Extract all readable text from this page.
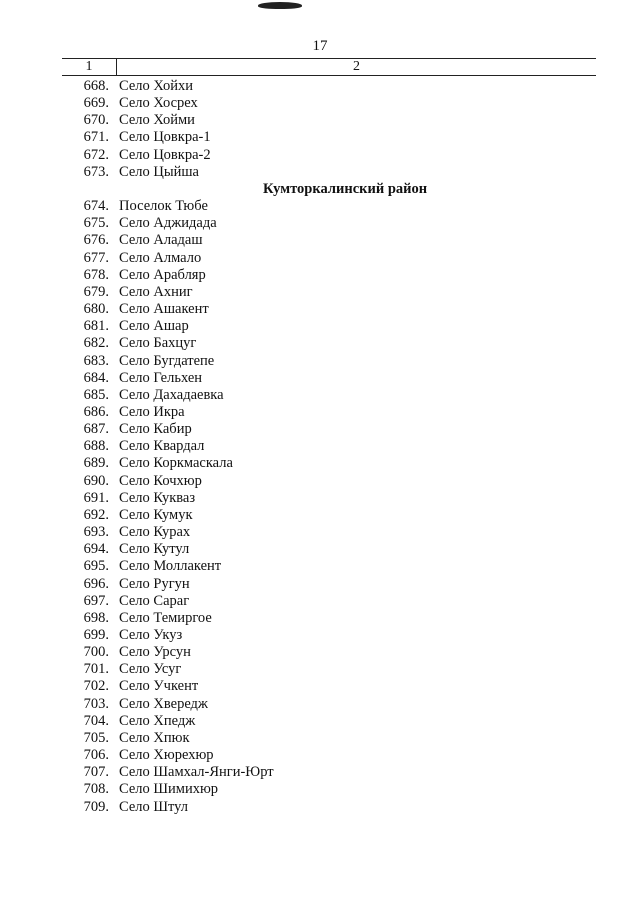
17
1	2
668. Село Хойхи
669. Село Хосрех
670. Село Хойми
671. Село Цовкра-1
672. Село Цовкра-2
673. Село Цыйша
Кумторкалинский район
674. Поселок Тюбе
675. Село Аджидада
676. Село Аладаш
677. Село Алмало
678. Село Арабляр
679. Село Ахниг
680. Село Ашакент
681. Село Ашар
682. Село Бахцуг
683. Село Бугдатепе
684. Село Гельхен
685. Село Дахадаевка
686. Село Икра
687. Село Кабир
688. Село Квардал
689. Село Коркмаскала
690. Село Кочхюр
691. Село Кукваз
692. Село Кумук
693. Село Курах
694. Село Кутул
695. Село Моллакент
696. Село Ругун
697. Село Сараг
698. Село Темиргое
699. Село Укуз
700. Село Урсун
701. Село Усуг
702. Село Учкент
703. Село Хвередж
704. Село Хпедж
705. Село Хпюк
706. Село Хюрехюр
707. Село Шамхал-Янги-Юрт
708. Село Шимихюр
709. Село Штул
